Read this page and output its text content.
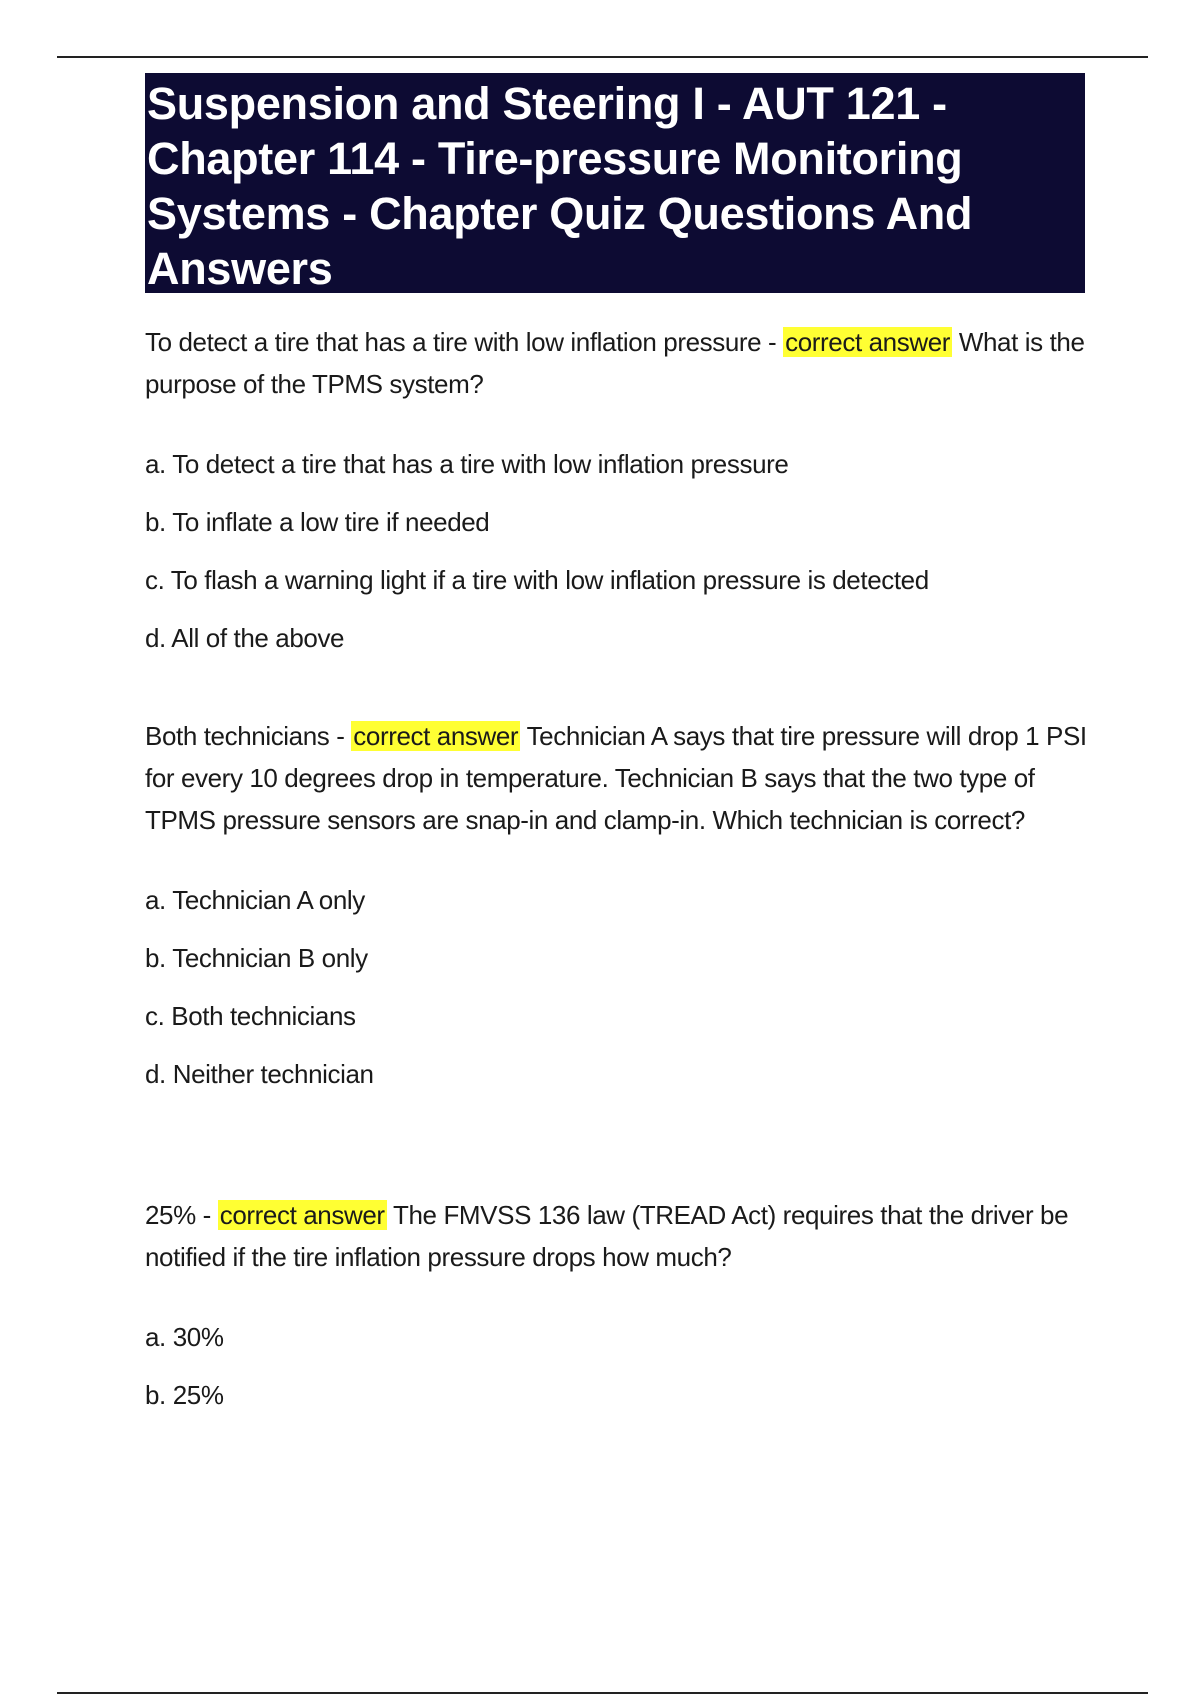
Suspension and Steering I - AUT 121 - Chapter 114 - Tire-pressure Monitoring Systems - Chapter Quiz Questions And Answers

To detect a tire that has a tire with low inflation pressure - correct answer What is the purpose of the TPMS system?

a. To detect a tire that has a tire with low inflation pressure

b. To inflate a low tire if needed

c. To flash a warning light if a tire with low inflation pressure is detected

d. All of the above

Both technicians - correct answer Technician A says that tire pressure will drop 1 PSI for every 10 degrees drop in temperature. Technician B says that the two type of TPMS pressure sensors are snap-in and clamp-in. Which technician is correct?

a. Technician A only

b. Technician B only

c. Both technicians

d. Neither technician

25% - correct answer The FMVSS 136 law (TREAD Act) requires that the driver be notified if the tire inflation pressure drops how much?

a. 30%

b. 25%
